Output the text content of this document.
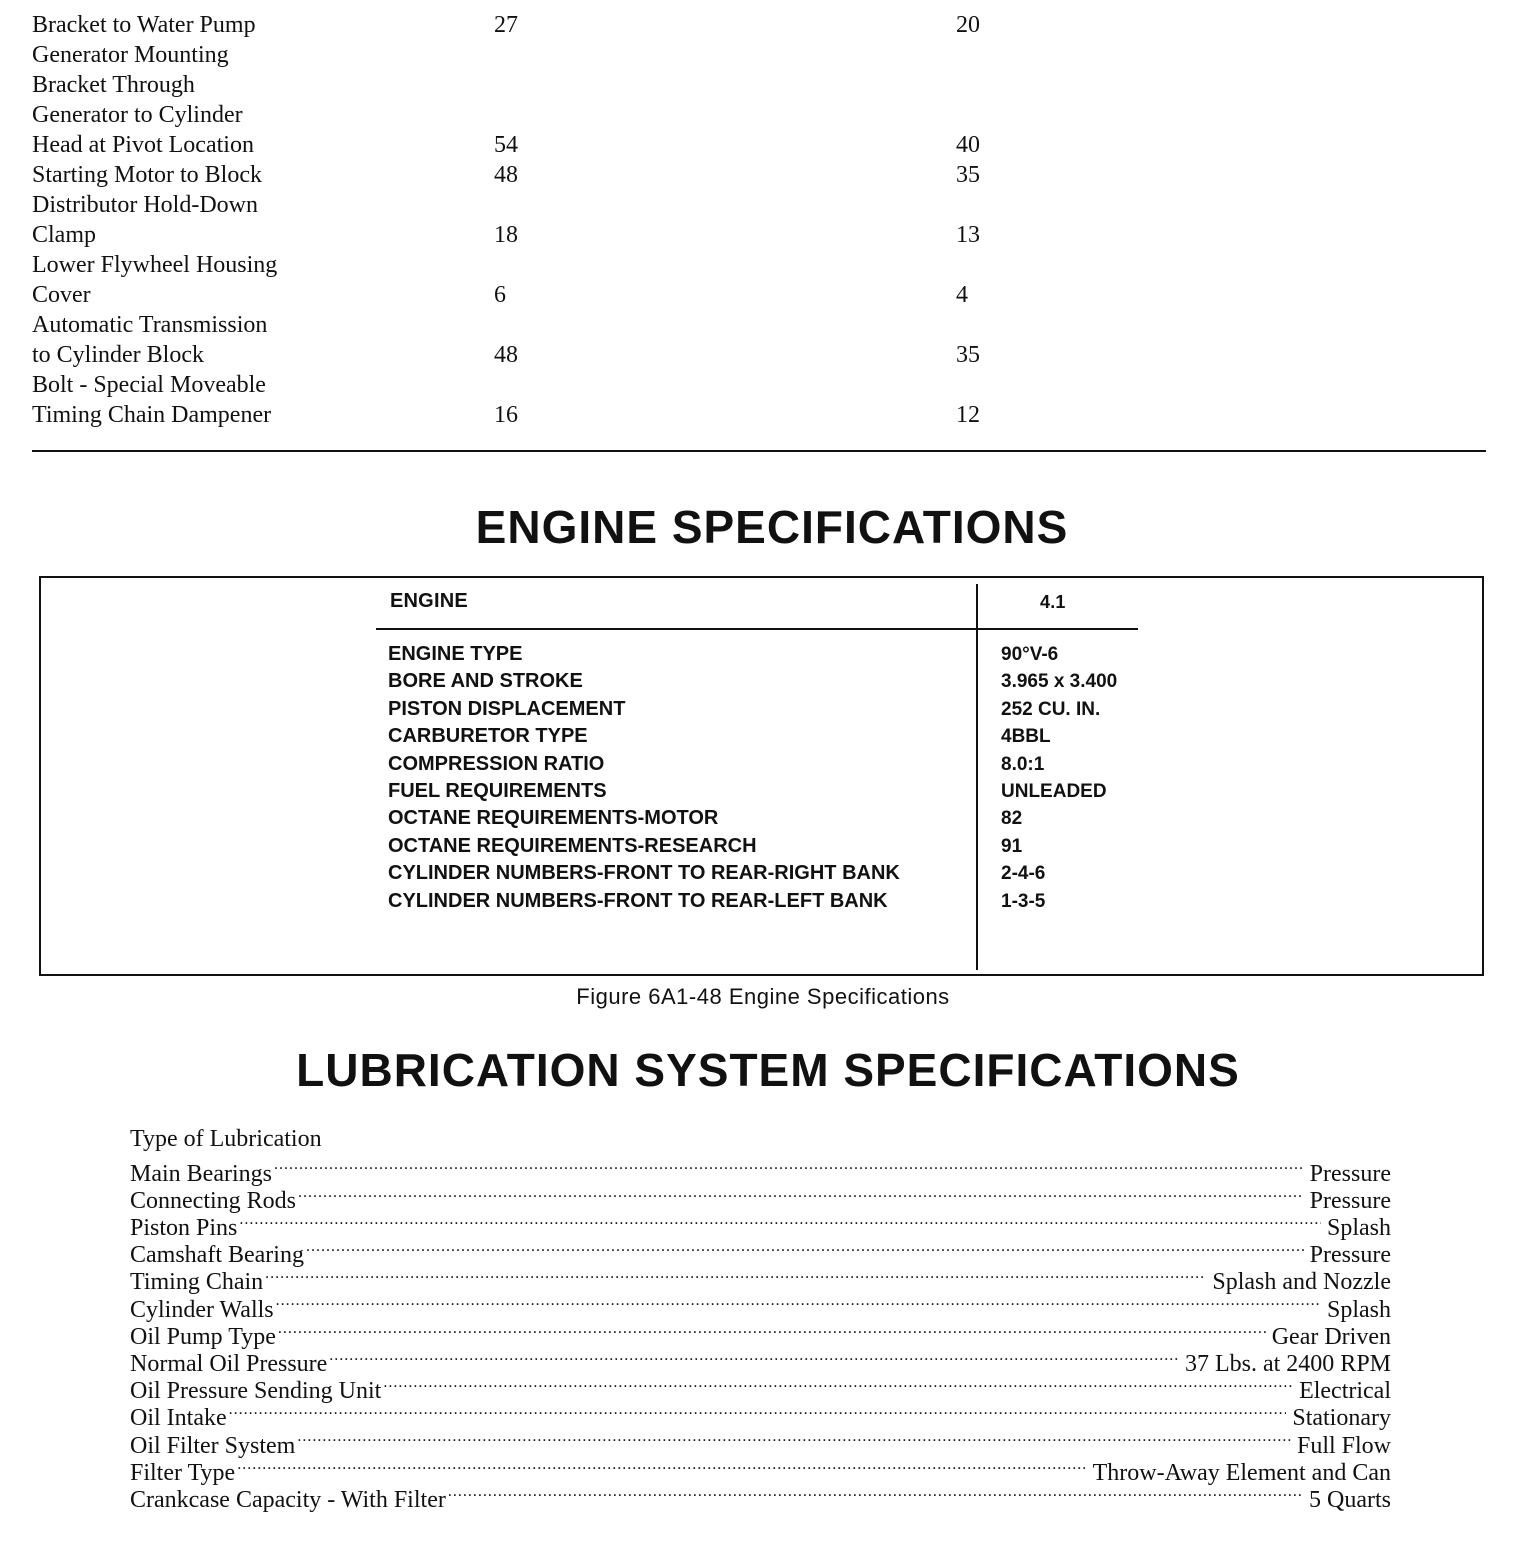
Bracket to Water Pump	27	20
Generator Mounting
Bracket Through
Generator to Cylinder
Head at Pivot Location	54	40
Starting Motor to Block	48	35
Distributor Hold-Down
Clamp	18	13
Lower Flywheel Housing
Cover	6	4
Automatic Transmission
to Cylinder Block	48	35
Bolt - Special Moveable
Timing Chain Dampener	16	12
ENGINE SPECIFICATIONS
ENGINE	4.1
ENGINE TYPE	90°V-6
BORE AND STROKE	3.965 x 3.400
PISTON DISPLACEMENT	252 CU. IN.
CARBURETOR TYPE	4BBL
COMPRESSION RATIO	8.0:1
FUEL REQUIREMENTS	UNLEADED
OCTANE REQUIREMENTS-MOTOR	82
OCTANE REQUIREMENTS-RESEARCH	91
CYLINDER NUMBERS-FRONT TO REAR-RIGHT BANK	2-4-6
CYLINDER NUMBERS-FRONT TO REAR-LEFT BANK	1-3-5
Figure 6A1-48 Engine Specifications
LUBRICATION SYSTEM SPECIFICATIONS
Type of Lubrication
Main Bearings .....	Pressure
Connecting Rods .....	Pressure
Piston Pins .....	Splash
Camshaft Bearing .....	Pressure
Timing Chain .....	Splash and Nozzle
Cylinder Walls .....	Splash
Oil Pump Type .....	Gear Driven
Normal Oil Pressure .....	37 Lbs. at 2400 RPM
Oil Pressure Sending Unit .....	Electrical
Oil Intake .....	Stationary
Oil Filter System .....	Full Flow
Filter Type .....	Throw-Away Element and Can
Crankcase Capacity - With Filter .....	5 Quarts
